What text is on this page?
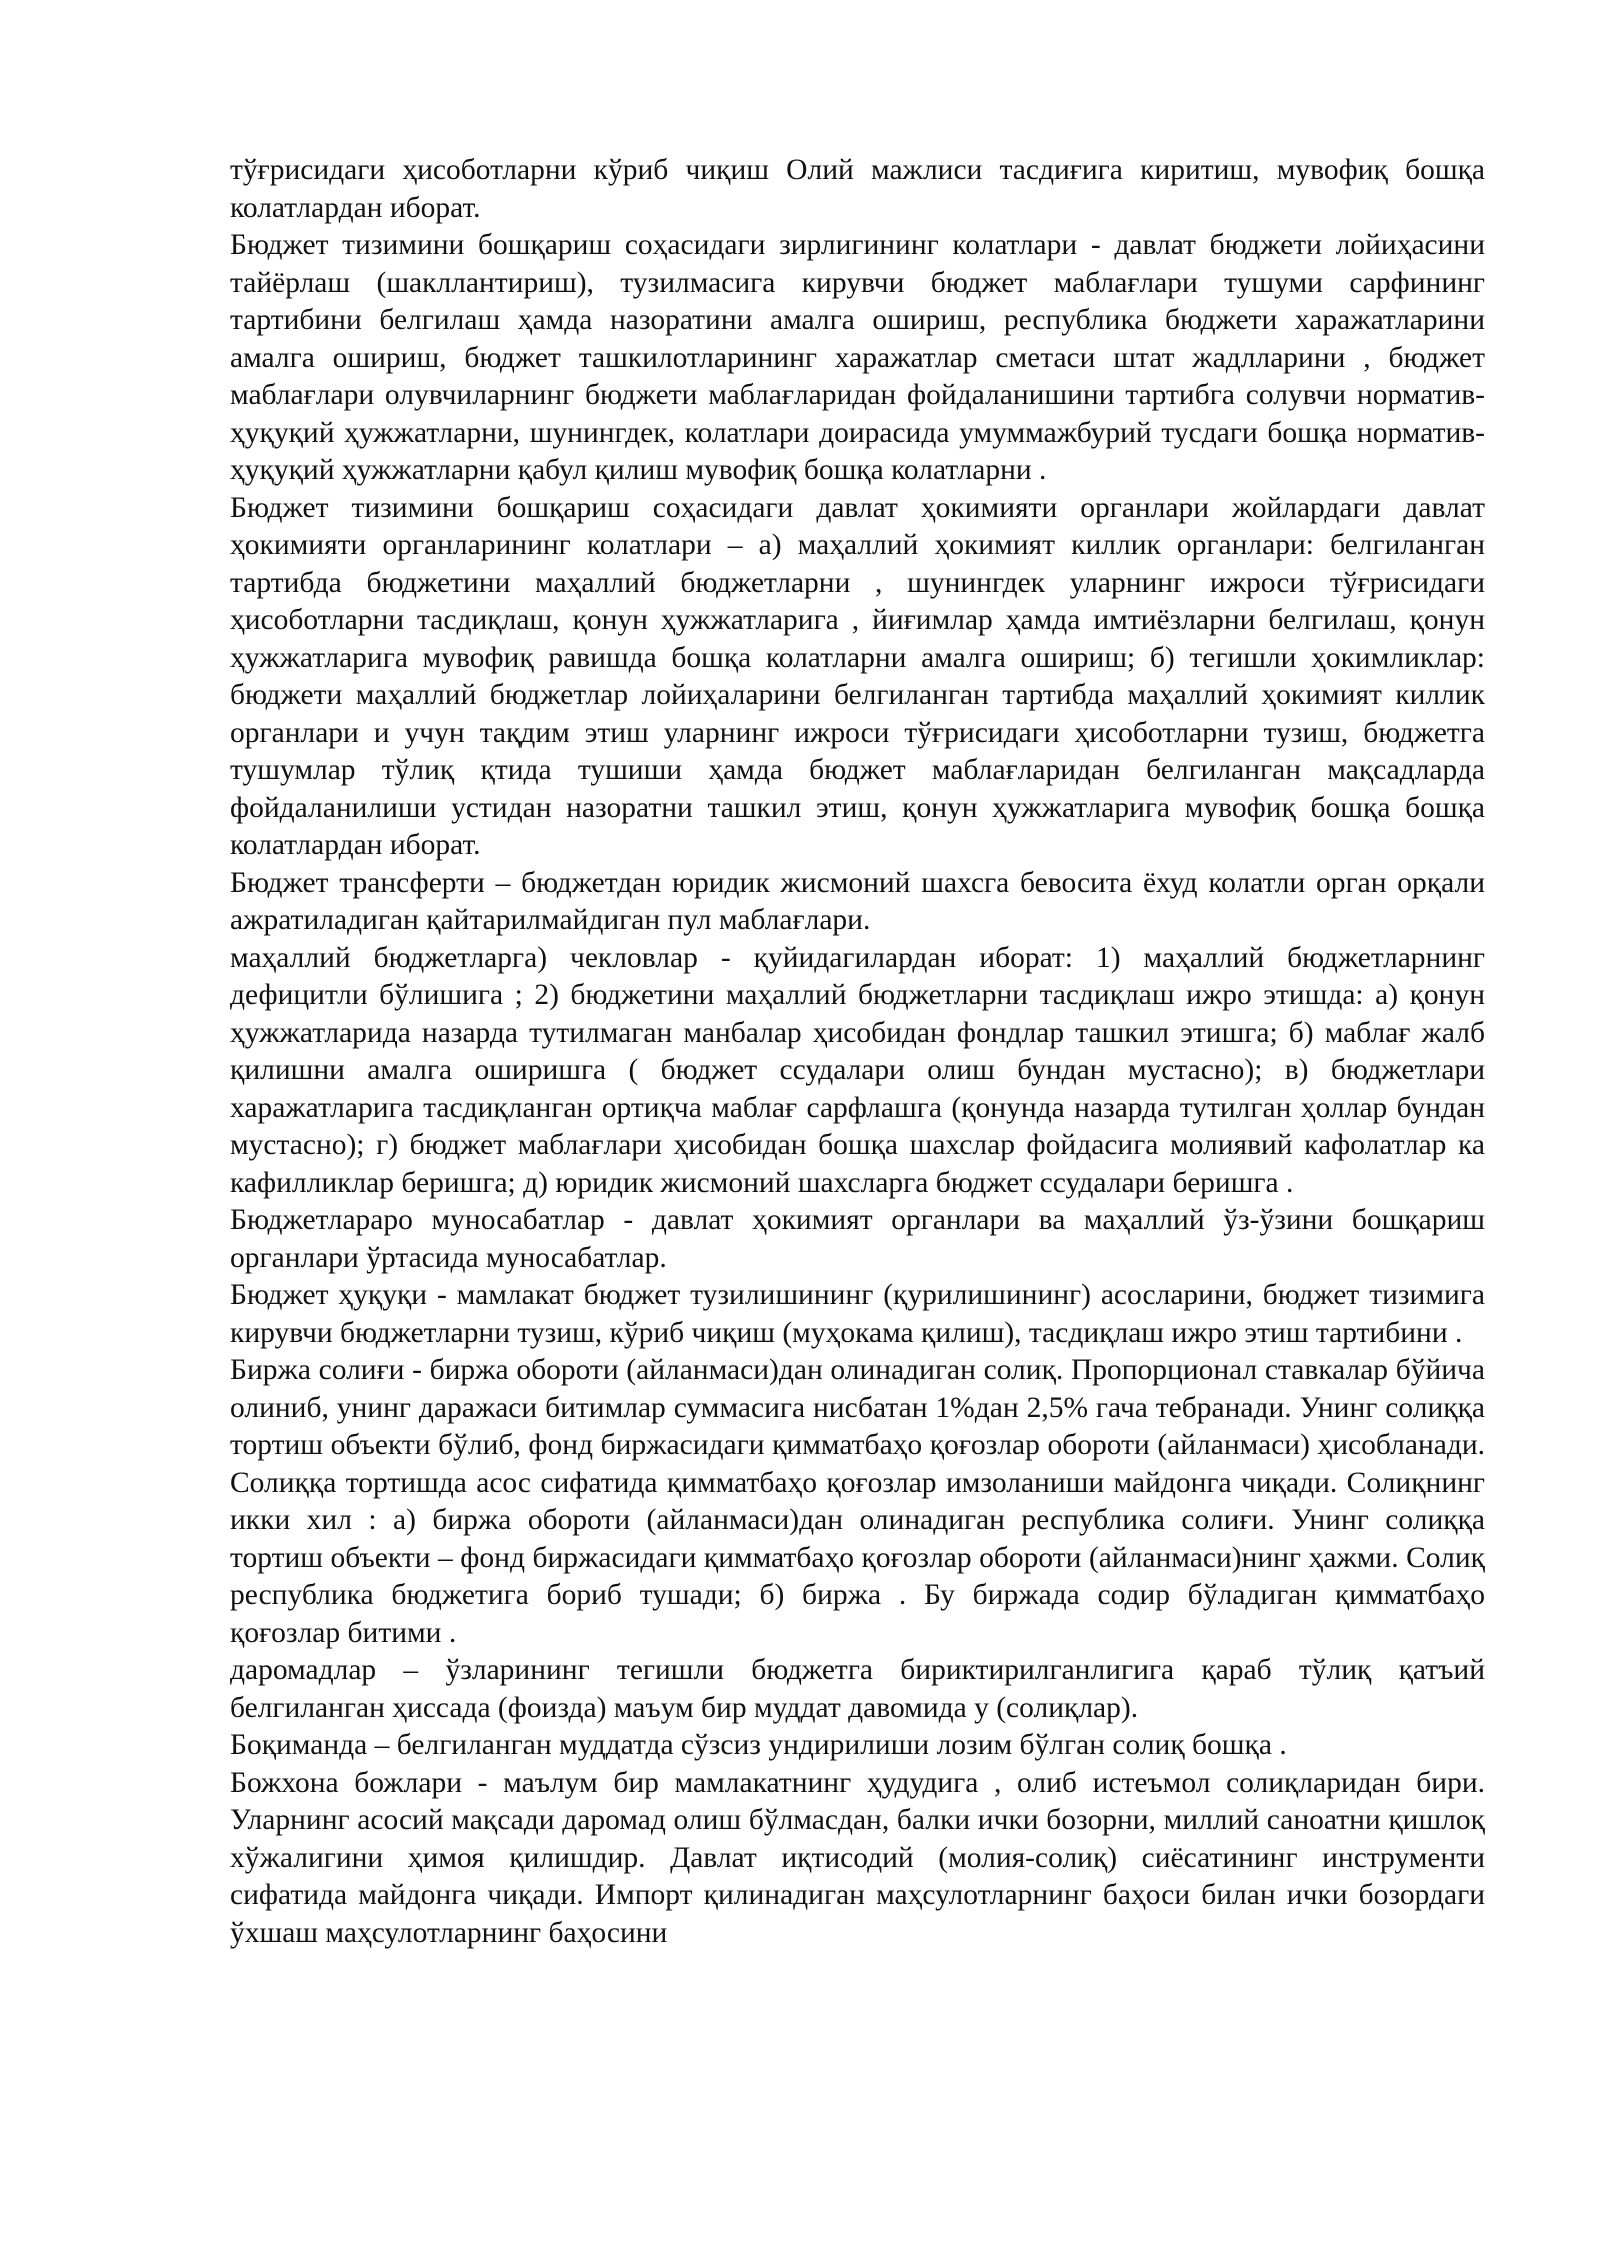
тўғрисидаги ҳисоботларни кўриб чиқиш Олий мажлиси тасдиғига киритиш, мувофиқ бошқа колатлардан иборат.

Бюджет тизимини бошқариш соҳасидаги зирлигининг колатлари - давлат бюджети лойиҳасини тайёрлаш (шакллантириш), тузилмасига кирувчи бюджет маблағлари тушуми сарфининг тартибини белгилаш ҳамда назоратини амалга ошириш, республика бюджети харажатларини амалга ошириш, бюджет ташкилотларининг харажатлар сметаси штат жадлларини , бюджет маблағлари олувчиларнинг бюджети маблағларидан фойдаланишини тартибга солувчи норматив-ҳуқуқий ҳужжатларни, шунингдек, колатлари доирасида умуммажбурий тусдаги бошқа норматив-ҳуқуқий ҳужжатларни қабул қилиш мувофиқ бошқа колатларни .

Бюджет тизимини бошқариш соҳасидаги давлат ҳокимияти органлари жойлардаги давлат ҳокимияти органларининг колатлари – а) маҳаллий ҳокимият киллик органлари: белгиланган тартибда бюджетини маҳаллий бюджетларни , шунингдек уларнинг ижроси тўғрисидаги ҳисоботларни тасдиқлаш, қонун ҳужжатларига , йиғимлар ҳамда имтиёзларни белгилаш, қонун ҳужжатларига мувофиқ равишда бошқа колатларни амалга ошириш; б) тегишли ҳокимликлар: бюджети маҳаллий бюджетлар лойиҳаларини белгиланган тартибда маҳаллий ҳокимият киллик органлари и учун тақдим этиш уларнинг ижроси тўғрисидаги ҳисоботларни тузиш, бюджетга тушумлар тўлиқ қтида тушиши ҳамда бюджет маблағларидан белгиланган мақсадларда фойдаланилиши устидан назоратни ташкил этиш, қонун ҳужжатларига мувофиқ бошқа бошқа колатлардан иборат.

Бюджет трансферти – бюджетдан юридик жисмоний шахсга бевосита ёхуд колатли орган орқали ажратиладиган қайтарилмайдиган пул маблағлари.

маҳаллий бюджетларга) чекловлар - қуйидагилардан иборат: 1) маҳаллий бюджетларнинг дефицитли бўлишига ; 2) бюджетини маҳаллий бюджетларни тасдиқлаш ижро этишда: а) қонун ҳужжатларида назарда тутилмаган манбалар ҳисобидан фондлар ташкил этишга; б) маблағ жалб қилишни амалга оширишга ( бюджет ссудалари олиш бундан мустасно); в) бюджетлари харажатларига тасдиқланган ортиқча маблағ сарфлашга (қонунда назарда тутилган ҳоллар бундан мустасно); г) бюджет маблағлари ҳисобидан бошқа шахслар фойдасига молиявий кафолатлар ка кафилликлар беришга; д) юридик жисмоний шахсларга бюджет ссудалари беришга .

Бюджетлараро муносабатлар - давлат ҳокимият органлари ва маҳаллий ўз-ўзини бошқариш органлари ўртасида муносабатлар.

Бюджет ҳуқуқи - мамлакат бюджет тузилишининг (қурилишининг) асосларини, бюджет тизимига кирувчи бюджетларни тузиш, кўриб чиқиш (муҳокама қилиш), тасдиқлаш ижро этиш тартибини .

Биржа солиғи - биржа обороти (айланмаси)дан олинадиган солиқ. Пропорционал ставкалар бўйича олиниб, унинг даражаси битимлар суммасига нисбатан 1%дан 2,5% гача тебранади. Унинг солиққа тортиш объекти бўлиб, фонд биржасидаги қимматбаҳо қоғозлар обороти (айланмаси) ҳисобланади. Солиққа тортишда асос сифатида қимматбаҳо қоғозлар имзоланиши майдонга чиқади. Солиқнинг икки хил : а) биржа обороти (айланмаси)дан олинадиган республика солиғи. Унинг солиққа тортиш объекти – фонд биржасидаги қимматбаҳо қоғозлар обороти (айланмаси)нинг ҳажми. Солиқ республика бюджетига бориб тушади; б) биржа . Бу биржада содир бўладиган қимматбаҳо қоғозлар битими .

даромадлар – ўзларининг тегишли бюджетга бириктирилганлигига қараб тўлиқ қатъий белгиланган ҳиссада (фоизда) маъум бир муддат давомида у (солиқлар).

Боқиманда – белгиланган муддатда сўзсиз ундирилиши лозим бўлган солиқ бошқа .

Божхона божлари - маълум бир мамлакатнинг ҳудудига , олиб истеъмол солиқларидан бири. Уларнинг асосий мақсади даромад олиш бўлмасдан, балки ички бозорни, миллий саноатни қишлоқ хўжалигини ҳимоя қилишдир. Давлат иқтисодий (молия-солиқ) сиёсатининг инструменти сифатида майдонга чиқади. Импорт қилинадиган маҳсулотларнинг баҳоси билан ички бозордаги ўхшаш маҳсулотларнинг баҳосини
